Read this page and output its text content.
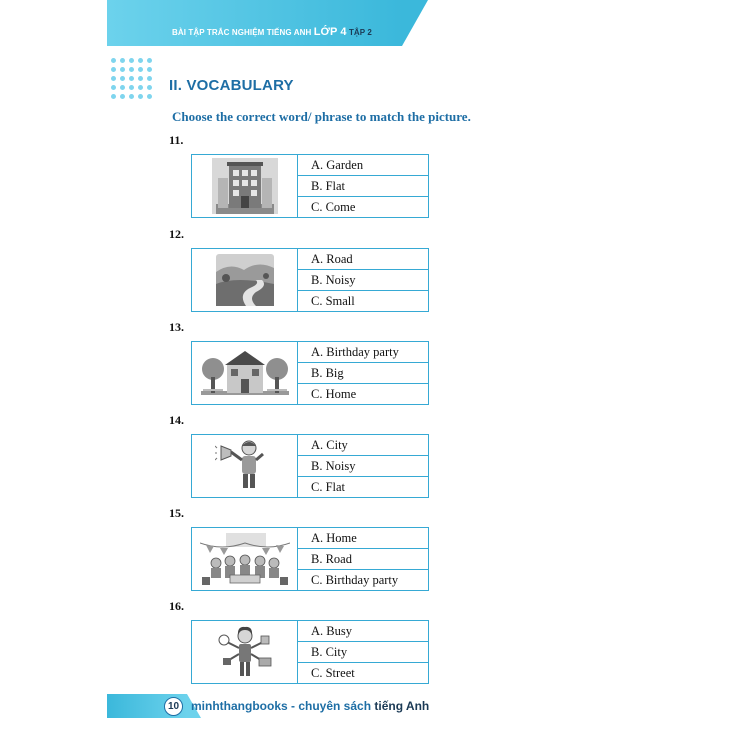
BÀI TẬP TRẮC NGHIỆM TIẾNG ANH LỚP 4 TẬP 2
II. VOCABULARY
Choose the correct word/ phrase to match the picture.
11.
A. Garden
B. Flat
C. Come
12.
A. Road
B. Noisy
C. Small
13.
A. Birthday party
B. Big
C. Home
14.
A. City
B. Noisy
C. Flat
15.
A. Home
B. Road
C. Birthday party
16.
A. Busy
B. City
C. Street
10 minhthangbooks - chuyên sách tiếng Anh
